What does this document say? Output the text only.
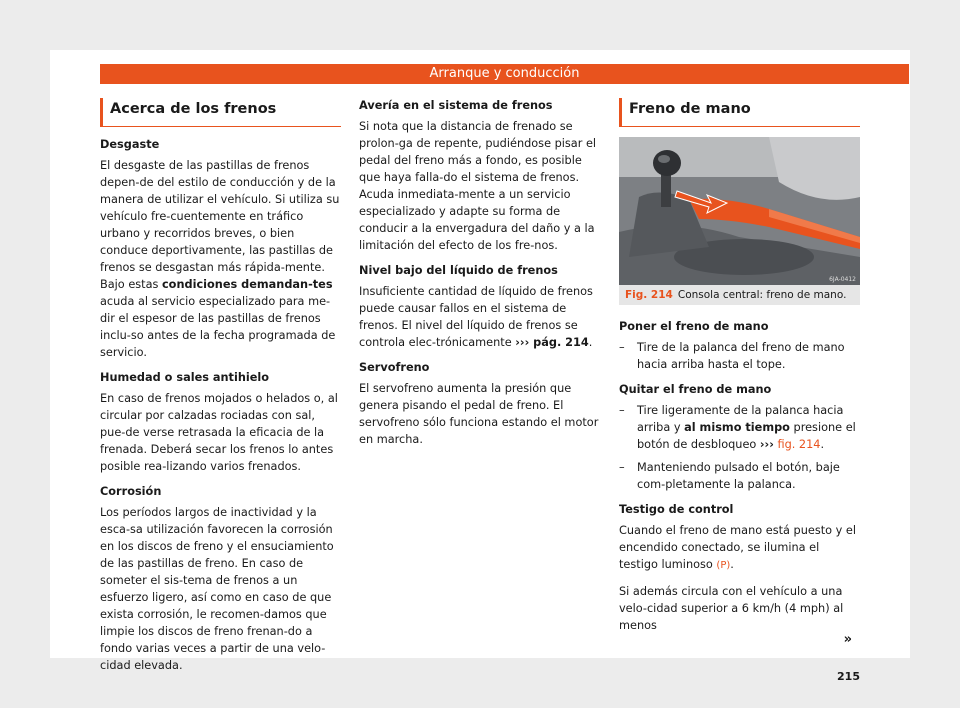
Arranque y conducción
Acerca de los frenos
Desgaste

El desgaste de las pastillas de frenos depen-de del estilo de conducción y de la manera de utilizar el vehículo. Si utiliza su vehículo fre-cuentemente en tráfico urbano y recorridos breves, o bien conduce deportivamente, las pastillas de frenos se desgastan más rápida-mente. Bajo estas condiciones demandan-tes acuda al servicio especializado para me-dir el espesor de las pastillas de frenos inclu-so antes de la fecha programada de servicio.

Humedad o sales antihielo

En caso de frenos mojados o helados o, al circular por calzadas rociadas con sal, pue-de verse retrasada la eficacia de la frenada. Deberá secar los frenos lo antes posible rea-lizando varios frenados.

Corrosión

Los períodos largos de inactividad y la esca-sa utilización favorecen la corrosión en los discos de freno y el ensuciamiento de las pastillas de freno. En caso de someter el sis-tema de frenos a un esfuerzo ligero, así como en caso de que exista corrosión, le recomen-damos que limpie los discos de freno frenan-do a fondo varias veces a partir de una velo-cidad elevada.

Avería en el sistema de frenos

Si nota que la distancia de frenado se prolon-ga de repente, pudiéndose pisar el pedal del freno más a fondo, es posible que haya falla-do el sistema de frenos. Acuda inmediata-mente a un servicio especializado y adapte su forma de conducir a la envergadura del daño y a la limitación del efecto de los fre-nos.

Nivel bajo del líquido de frenos

Insuficiente cantidad de líquido de frenos puede causar fallos en el sistema de frenos. El nivel del líquido de frenos se controla elec-trónicamente ››› pág. 214.

Servofreno

El servofreno aumenta la presión que genera pisando el pedal de freno. El servofreno sólo funciona estando el motor en marcha.

Freno de mano
6JA-0412
Fig. 214 Consola central: freno de mano.
Poner el freno de mano
– Tire de la palanca del freno de mano hacia arriba hasta el tope.
Quitar el freno de mano
– Tire ligeramente de la palanca hacia arriba y al mismo tiempo presione el botón de desbloqueo ››› fig. 214.
– Manteniendo pulsado el botón, baje com-pletamente la palanca.
Testigo de control

Cuando el freno de mano está puesto y el encendido conectado, se ilumina el testigo luminoso (P).

Si además circula con el vehículo a una velo-cidad superior a 6 km/h (4 mph) al menos

»
215
